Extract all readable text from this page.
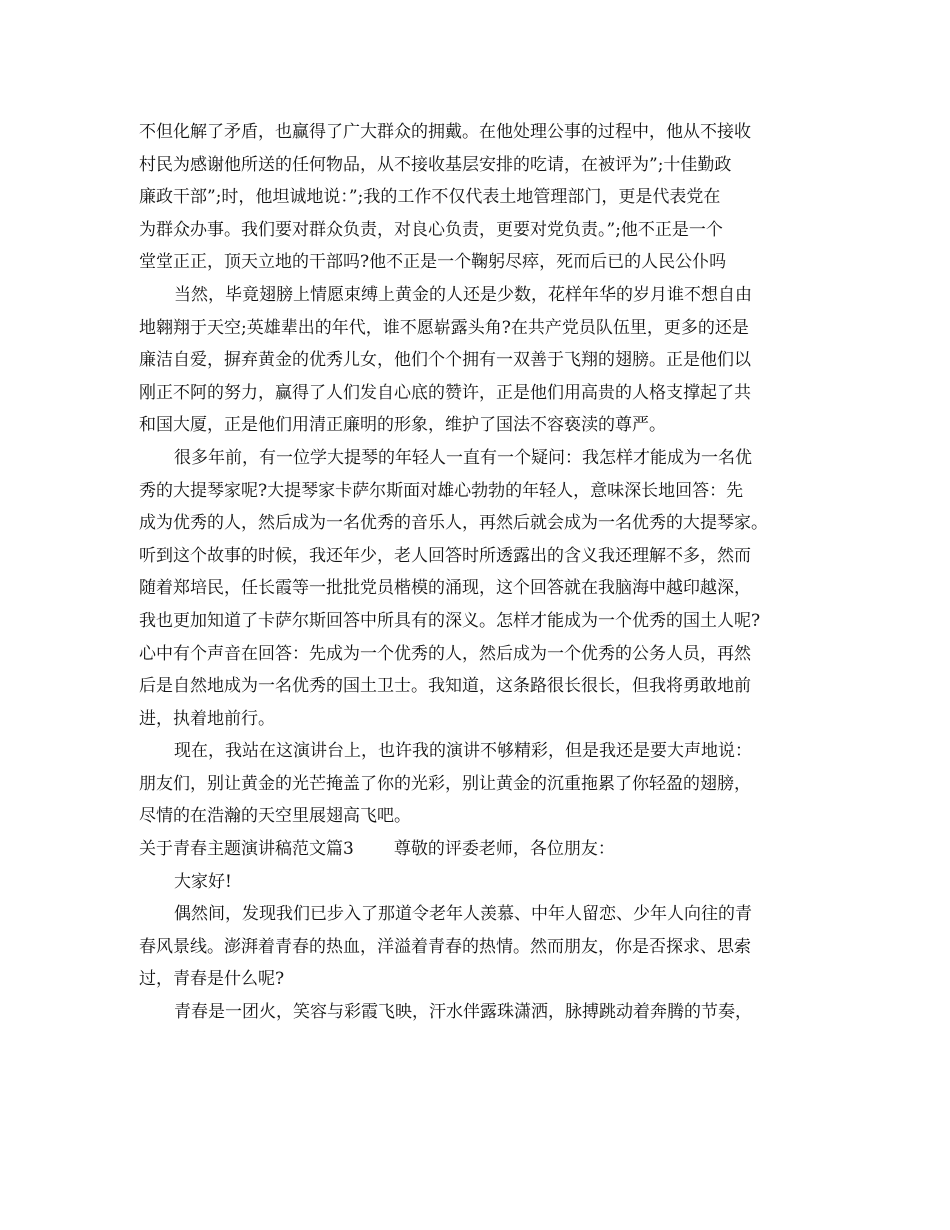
不但化解了矛盾，也赢得了广大群众的拥戴。在他处理公事的过程中，他从不接收

村民为感谢他所送的任何物品，从不接收基层安排的吃请，在被评为”;十佳勤政

廉政干部”;时，他坦诚地说：”;我的工作不仅代表土地管理部门，更是代表党在

为群众办事。我们要对群众负责，对良心负责，更要对党负责。”;他不正是一个

堂堂正正，顶天立地的干部吗?他不正是一个鞠躬尽瘁，死而后已的人民公仆吗

当然，毕竟翅膀上情愿束缚上黄金的人还是少数，花样年华的岁月谁不想自由

地翱翔于天空;英雄辈出的年代，谁不愿崭露头角?在共产党员队伍里，更多的还是

廉洁自爱，摒弃黄金的优秀儿女，他们个个拥有一双善于飞翔的翅膀。正是他们以

刚正不阿的努力，赢得了人们发自心底的赞许，正是他们用高贵的人格支撑起了共

和国大厦，正是他们用清正廉明的形象，维护了国法不容亵渎的尊严。

很多年前，有一位学大提琴的年轻人一直有一个疑问：我怎样才能成为一名优

秀的大提琴家呢?大提琴家卡萨尔斯面对雄心勃勃的年轻人，意味深长地回答：先

成为优秀的人，然后成为一名优秀的音乐人，再然后就会成为一名优秀的大提琴家。

听到这个故事的时候，我还年少，老人回答时所透露出的含义我还理解不多，然而

随着郑培民，任长霞等一批批党员楷模的涌现，这个回答就在我脑海中越印越深，

我也更加知道了卡萨尔斯回答中所具有的深义。怎样才能成为一个优秀的国土人呢?

心中有个声音在回答：先成为一个优秀的人，然后成为一个优秀的公务人员，再然

后是自然地成为一名优秀的国土卫士。我知道，这条路很长很长，但我将勇敢地前

进，执着地前行。

现在，我站在这演讲台上，也许我的演讲不够精彩，但是我还是要大声地说：

朋友们，别让黄金的光芒掩盖了你的光彩，别让黄金的沉重拖累了你轻盈的翅膀，

尽情的在浩瀚的天空里展翅高飞吧。

关于青春主题演讲稿范文篇3 尊敬的评委老师，各位朋友：

大家好!

偶然间，发现我们已步入了那道令老年人羡慕、中年人留恋、少年人向往的青

春风景线。澎湃着青春的热血，洋溢着青春的热情。然而朋友，你是否探求、思索

过，青春是什么呢?

青春是一团火，笑容与彩霞飞映，汗水伴露珠潇洒，脉搏跳动着奔腾的节奏，
